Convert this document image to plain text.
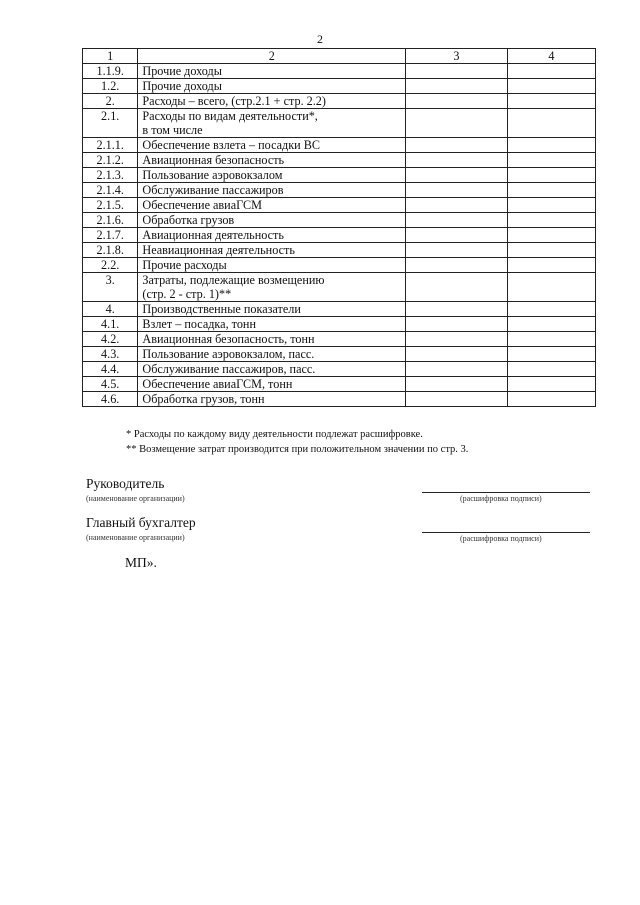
2
1	2	3	4

1.1.9.	Прочие доходы		

1.2.	Прочие доходы		

2.	Расходы – всего, (стр.2.1 + стр. 2.2)		

2.1.	Расходы по видам деятельности*,
в том числе		

2.1.1.	Обеспечение взлета – посадки ВС		

2.1.2.	Авиационная безопасность		

2.1.3.	Пользование аэровокзалом		

2.1.4.	Обслуживание пассажиров		

2.1.5.	Обеспечение авиаГСМ		

2.1.6.	Обработка грузов		

2.1.7.	Авиационная деятельность		

2.1.8.	Неавиационная деятельность		

2.2.	Прочие расходы		

3.	Затраты, подлежащие возмещению
(стр. 2 - стр. 1)**		

4.	Производственные показатели		

4.1.	Взлет – посадка, тонн		

4.2.	Авиационная безопасность, тонн		

4.3.	Пользование аэровокзалом, пасс.		

4.4.	Обслуживание пассажиров, пасс.		

4.5.	Обеспечение авиаГСМ, тонн		

4.6.	Обработка грузов, тонн		

* Расходы по каждому виду деятельности подлежат расшифровке.
** Возмещение затрат производится при положительном значении по стр. 3.
Руководитель
(наименование организации)	(расшифровка подписи)
Главный бухгалтер
(наименование организации)	(расшифровка подписи)
МП».
